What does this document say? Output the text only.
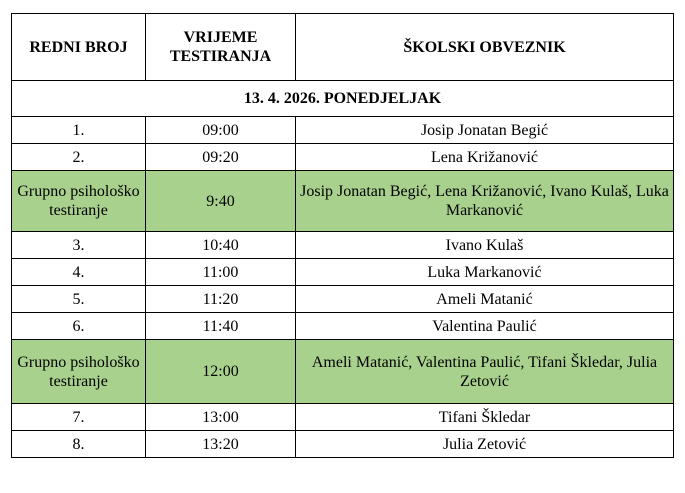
REDNI BROJ	VRIJEME TESTIRANJA	ŠKOLSKI OBVEZNIK
13. 4. 2026. PONEDJELJAK		
1.	09:00	Josip Jonatan Begić
2.	09:20	Lena Križanović
Grupno psihološko testiranje	9:40	Josip Jonatan Begić, Lena Križanović, Ivano Kulaš, Luka Markanović
3.	10:40	Ivano Kulaš
4.	11:00	Luka Markanović
5.	11:20	Ameli Matanić
6.	11:40	Valentina Paulić
Grupno psihološko testiranje	12:00	Ameli Matanić, Valentina Paulić, Tifani Škledar, Julia Zetović
7.	13:00	Tifani Škledar
8.	13:20	Julia Zetović
